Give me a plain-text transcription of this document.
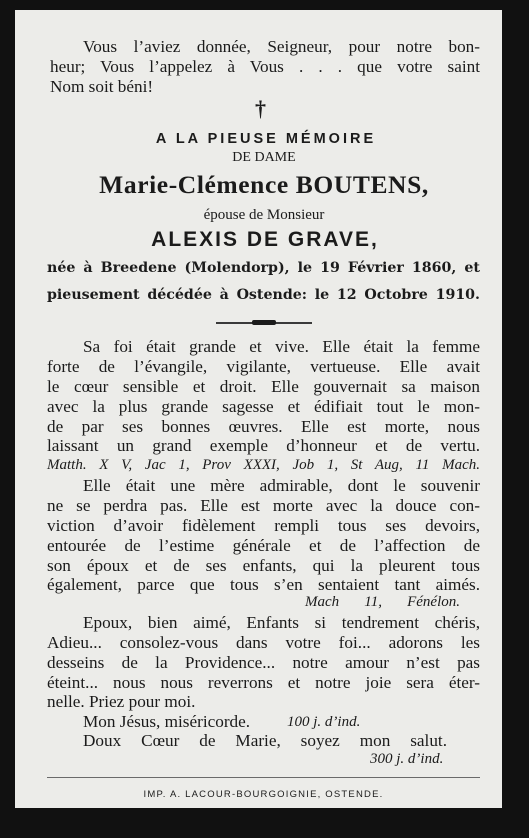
Vous l’aviez donnée, Seigneur, pour notre bon-
heur; Vous l’appelez à Vous . . . que votre saint
Nom soit béni!
†
A LA PIEUSE MÉMOIRE
DE DAME
Marie-Clémence BOUTENS,
épouse de Monsieur
ALEXIS DE GRAVE,
née à Breedene (Molendorp), le 19 Février 1860, et
pieusement décédée à Ostende: le 12 Octobre 1910.
Sa foi était grande et vive. Elle était la femme
forte de l’évangile, vigilante, vertueuse. Elle avait
le cœur sensible et droit. Elle gouvernait sa maison
avec la plus grande sagesse et édifiait tout le mon-
de par ses bonnes œuvres. Elle est morte, nous
laissant un grand exemple d’honneur et de vertu.
Matth. X V, Jac 1, Prov XXXI, Job 1, St Aug, 11 Mach.
Elle était une mère admirable, dont le souvenir
ne se perdra pas. Elle est morte avec la douce con-
viction d’avoir fidèlement rempli tous ses devoirs,
entourée de l’estime générale et de l’affection de
son époux et de ses enfants, qui la pleurent tous
également, parce que tous s’en sentaient tant aimés.
Mach 11, Fénélon.
Epoux, bien aimé, Enfants si tendrement chéris,
Adieu... consolez-vous dans votre foi... adorons les
desseins de la Providence... notre amour n’est pas
éteint... nous nous reverrons et notre joie sera éter-
nelle. Priez pour moi.
Mon Jésus, miséricorde. 100 j. d’ind.
Doux Cœur de Marie, soyez mon salut.
300 j. d’ind.
IMP. A. LACOUR-BOURGOIGNIE, OSTENDE.
